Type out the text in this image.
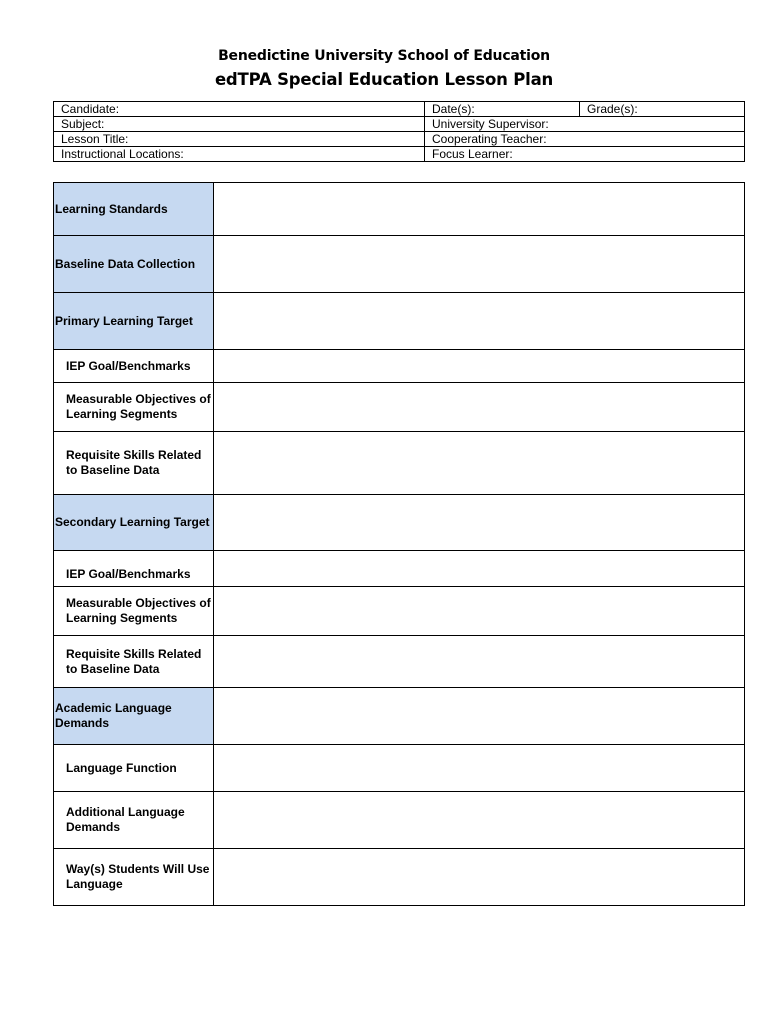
Benedictine University School of Education
edTPA Special Education Lesson Plan
Candidate:	Date(s):	Grade(s):
Subject:	University Supervisor:	
Lesson Title:	Cooperating Teacher:	
Instructional Locations:	Focus Learner:	
Learning Standards	
Baseline Data Collection	
Primary Learning Target	
IEP Goal/Benchmarks	
Measurable Objectives of Learning Segments	
Requisite Skills Related to Baseline Data	
Secondary Learning Target	
IEP Goal/Benchmarks	
Measurable Objectives of Learning Segments	
Requisite Skills Related to Baseline Data	
Academic Language Demands	
Language Function	
Additional Language Demands	
Way(s) Students Will Use Language	
